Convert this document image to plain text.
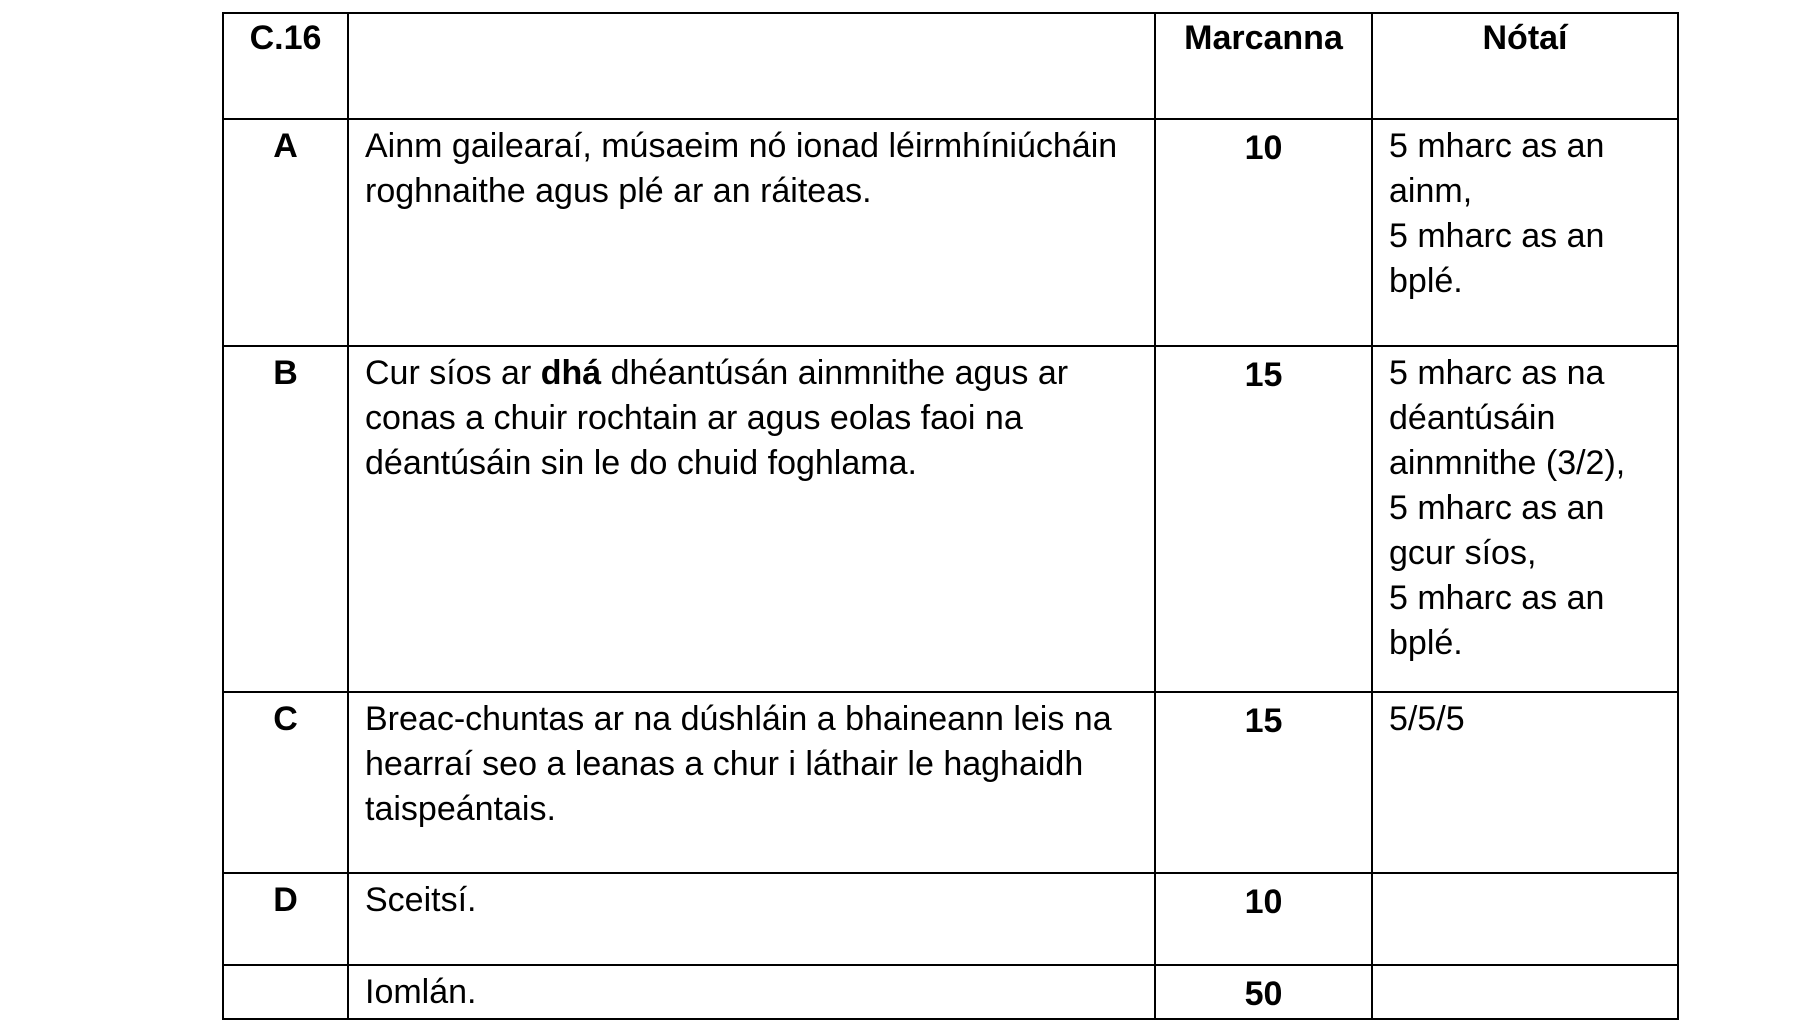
C.16		Marcanna	Nótaí
A	Ainm gailearaí, músaeim nó ionad léirmhíniúcháin roghnaithe agus plé ar an ráiteas.	10	5 mharc as an ainm,
5 mharc as an bplé.

B	Cur síos ar dhá dhéantúsán ainmnithe agus ar conas a chuir rochtain ar agus eolas faoi na déantúsáin sin le do chuid foghlama.	15	5 mharc as na déantúsáin ainmnithe (3/2),
5 mharc as an gcur síos,
5 mharc as an bplé.

C	Breac-chuntas ar na dúshláin a bhaineann leis na hearraí seo a leanas a chur i láthair le haghaidh taispeántais.	15	5/5/5

D	Sceitsí.	10	
	Iomlán.	50	
